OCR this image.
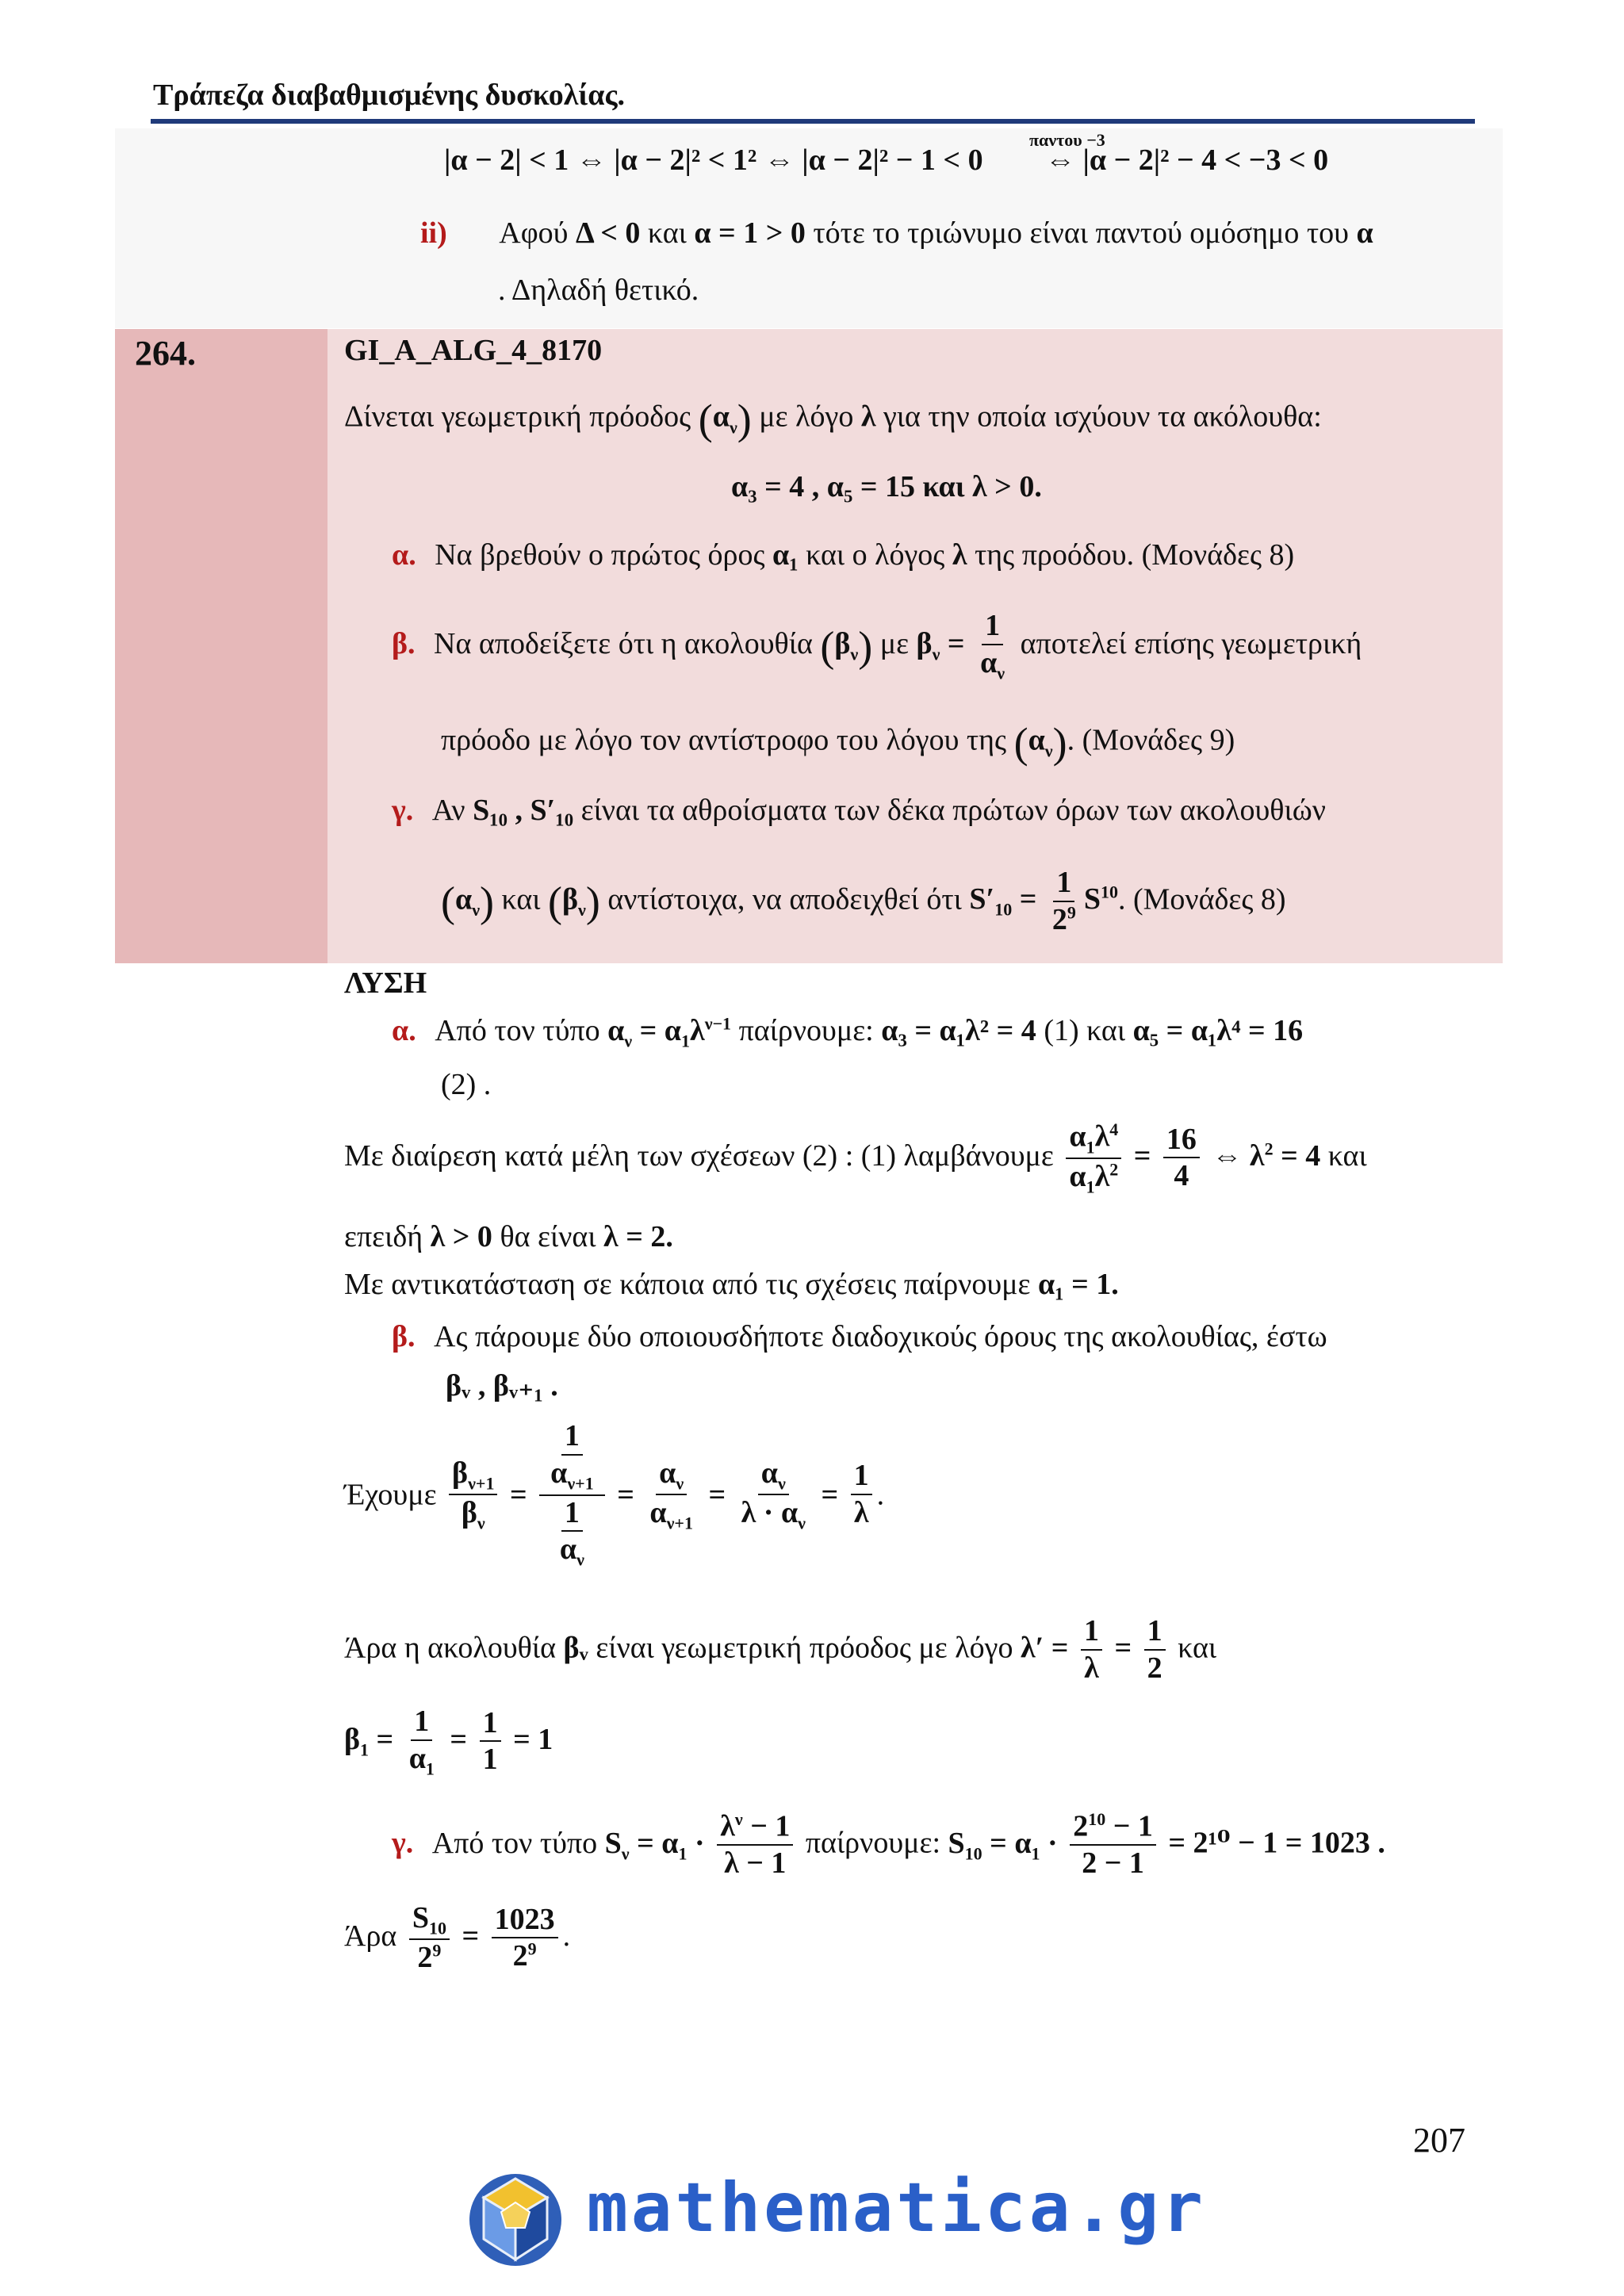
Τράπεζα διαβαθμισμένης δυσκολίας.
|α − 2| < 1 ⇔ |α − 2|² < 1² ⇔ |α − 2|² − 1 < 0
παντου −3
⇔ |α − 2|² − 4 < −3 < 0
ii) Αφού Δ < 0 και α = 1 > 0 τότε το τριώνυμο είναι παντού ομόσημο του α
. Δηλαδή θετικό.
264.	GI_A_ALG_4_8170
Δίνεται γεωμετρική πρόοδος $(\alpha_\nu)$ με λόγο λ για την οποία ισχύουν τα ακόλουθα:
α₃ = 4 , α₅ = 15 και λ > 0.
α. Να βρεθούν ο πρώτος όρος α₁ και ο λόγος λ της προόδου. (Μονάδες 8)
β. Να αποδείξετε ότι η ακολουθία $(\beta_\nu)$ με $\beta_\nu = \frac{1}{\alpha_\nu}$ αποτελεί επίσης γεωμετρική
πρόοδο με λόγο τον αντίστροφο του λόγου της $(\alpha_\nu)$. (Μονάδες 9)
γ. Αν S₁₀ , S′₁₀ είναι τα αθροίσματα των δέκα πρώτων όρων των ακολουθιών
$(\alpha_\nu)$ και $(\beta_\nu)$ αντίστοιχα, να αποδειχθεί ότι $S'_{10} = \frac{1}{2^9} S^{10}$. (Μονάδες 8)
ΛΥΣΗ
α. Από τον τύπο $\alpha_\nu = \alpha_1\lambda^{\nu-1}$ παίρνουμε: α₃ = α₁λ² = 4 (1) και α₅ = α₁λ⁴ = 16
(2) .
Με διαίρεση κατά μέλη των σχέσεων (2) : (1) λαμβάνουμε $\frac{\alpha_1\lambda^4}{\alpha_1\lambda^2} = \frac{16}{4}$ ⇔ $\lambda^2 = 4$ και
επειδή λ > 0 θα είναι λ = 2.
Με αντικατάσταση σε κάποια από τις σχέσεις παίρνουμε α₁ = 1.
β. Ας πάρουμε δύο οποιουσδήποτε διαδοχικούς όρους της ακολουθίας, έστω
βᵥ , βᵥ₊₁ .
Έχουμε $\frac{\beta_{\nu+1}}{\beta_\nu} = \frac{\frac{1}{\alpha_{\nu+1}}}{\frac{1}{\alpha_\nu}} = \frac{\alpha_\nu}{\alpha_{\nu+1}} = \frac{\alpha_\nu}{\lambda \cdot \alpha_\nu} = \frac{1}{\lambda}$ .
Άρα η ακολουθία βᵥ είναι γεωμετρική πρόοδος με λόγο $\lambda' = \frac{1}{\lambda} = \frac{1}{2}$ και
$\beta_1 = \frac{1}{\alpha_1} = \frac{1}{1} = 1$
γ. Από τον τύπο $S_\nu = \alpha_1 \cdot \frac{\lambda^\nu - 1}{\lambda - 1} \pi\alpha ί\rho\nu o\upsilon\mu\varepsilon$: $S_{10} = \alpha_1 \cdot \frac{2^{10} - 1}{2 - 1} = 2^{10} - 1 = 1023$ .
Άρα $\frac{S_{10}}{2^9} = \frac{1023}{2^9}$ .
207
mathematica.gr
